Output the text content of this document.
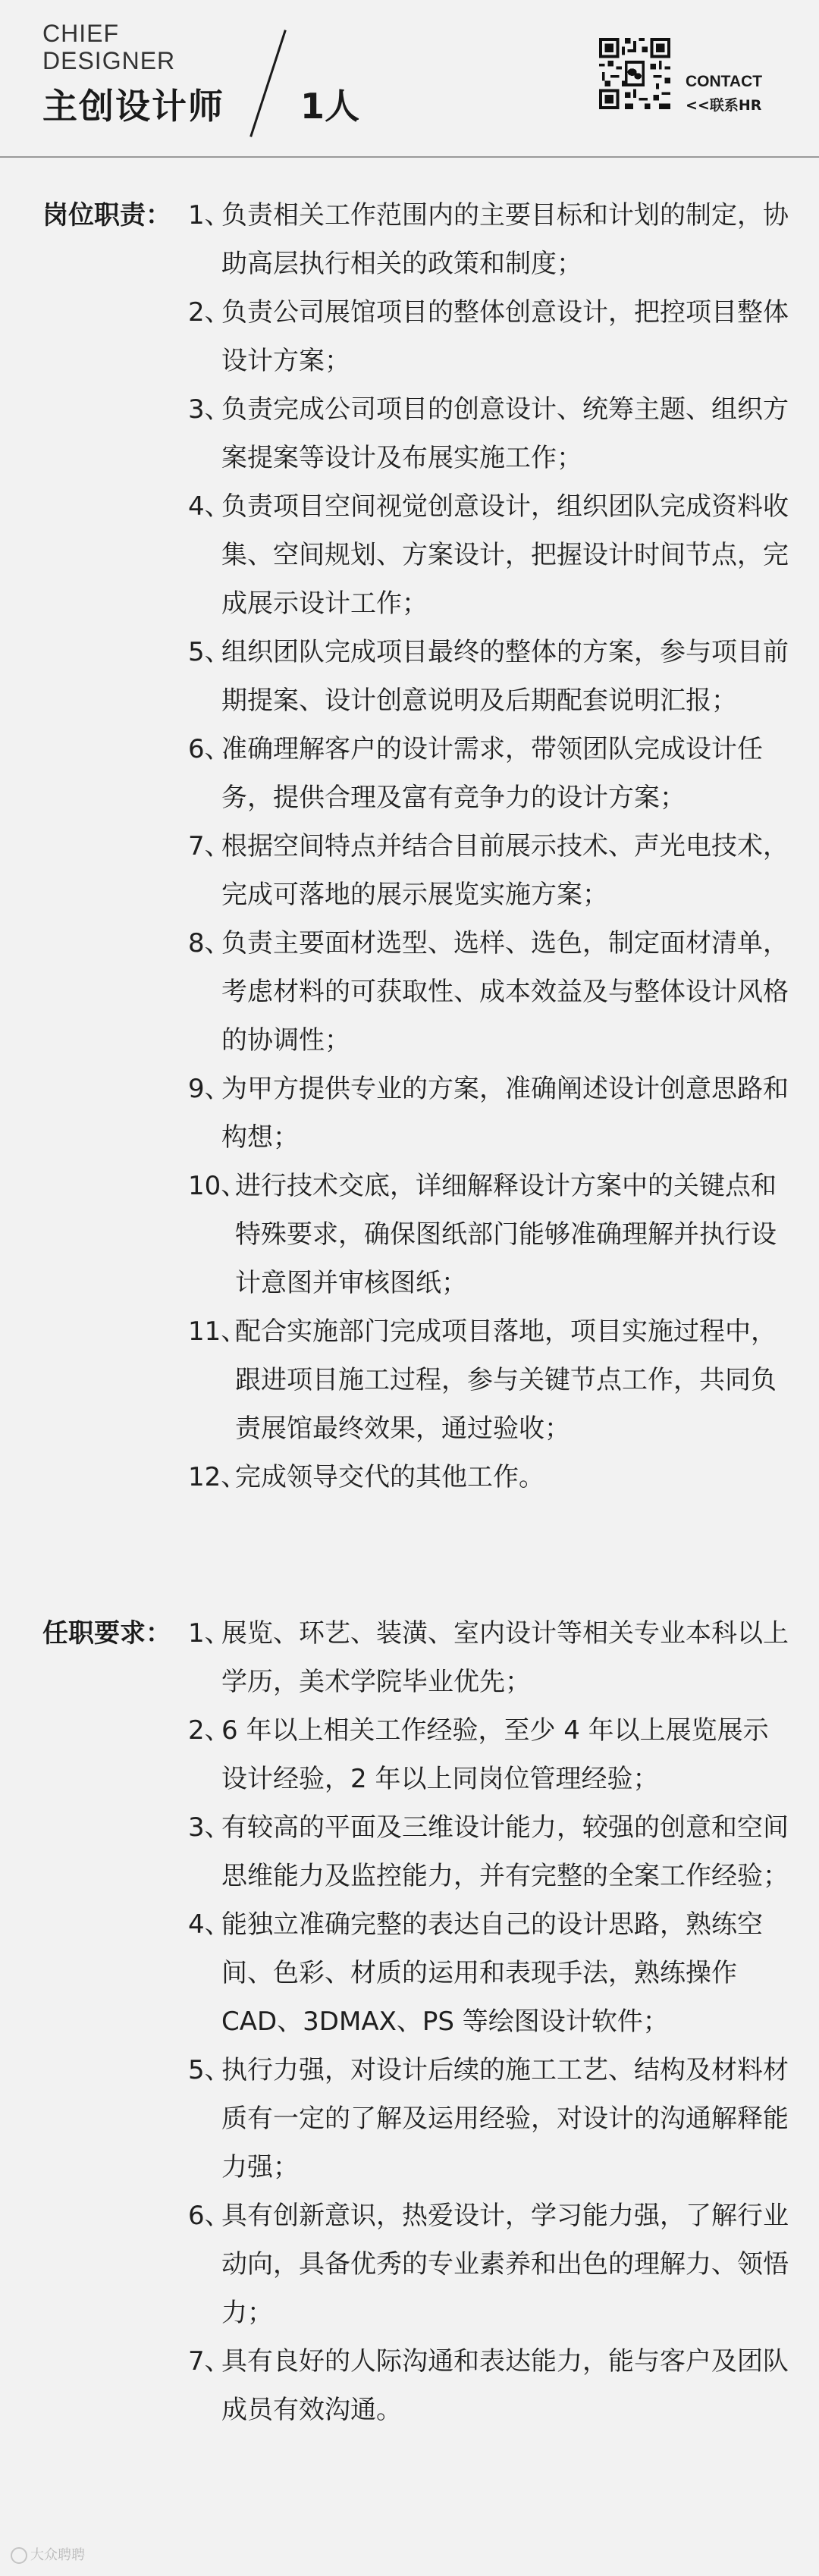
CHIEF
DESIGNER
主创设计师 1人
CONTACT
<<联系HR
岗位职责： 1、
负责相关工作范围内的主要目标和计划的制定，协助高层执行相关的政策和制度；
2、
负责公司展馆项目的整体创意设计，把控项目整体设计方案；
3、
负责完成公司项目的创意设计、统筹主题、组织方案提案等设计及布展实施工作；
4、
负责项目空间视觉创意设计，组织团队完成资料收集、空间规划、方案设计，把握设计时间节点，完成展示设计工作；
5、
组织团队完成项目最终的整体的方案，参与项目前期提案、设计创意说明及后期配套说明汇报；
6、
准确理解客户的设计需求，带领团队完成设计任务，提供合理及富有竞争力的设计方案；
7、
根据空间特点并结合目前展示技术、声光电技术，完成可落地的展示展览实施方案；
8、
负责主要面材选型、选样、选色，制定面材清单，考虑材料的可获取性、成本效益及与整体设计风格的协调性；
9、
为甲方提供专业的方案，准确阐述设计创意思路和构想；
10、
进行技术交底，详细解释设计方案中的关键点和特殊要求，确保图纸部门能够准确理解并执行设计意图并审核图纸；
11、
配合实施部门完成项目落地，项目实施过程中，跟进项目施工过程，参与关键节点工作，共同负责展馆最终效果，通过验收；
12、
完成领导交代的其他工作。
任职要求： 1、
展览、环艺、装潢、室内设计等相关专业本科以上学历，美术学院毕业优先；
2、
6 年以上相关工作经验，至少 4 年以上展览展示设计经验，2 年以上同岗位管理经验；
3、
有较高的平面及三维设计能力，较强的创意和空间思维能力及监控能力，并有完整的全案工作经验；
4、
能独立准确完整的表达自己的设计思路，熟练空间、色彩、材质的运用和表现手法，熟练操作 CAD、3DMAX、PS 等绘图设计软件；
5、
执行力强，对设计后续的施工工艺、结构及材料材质有一定的了解及运用经验，对设计的沟通解释能力强；
6、
具有创新意识，热爱设计，学习能力强，了解行业动向，具备优秀的专业素养和出色的理解力、领悟力；
7、
具有良好的人际沟通和表达能力，能与客户及团队成员有效沟通。
大众聘聘
